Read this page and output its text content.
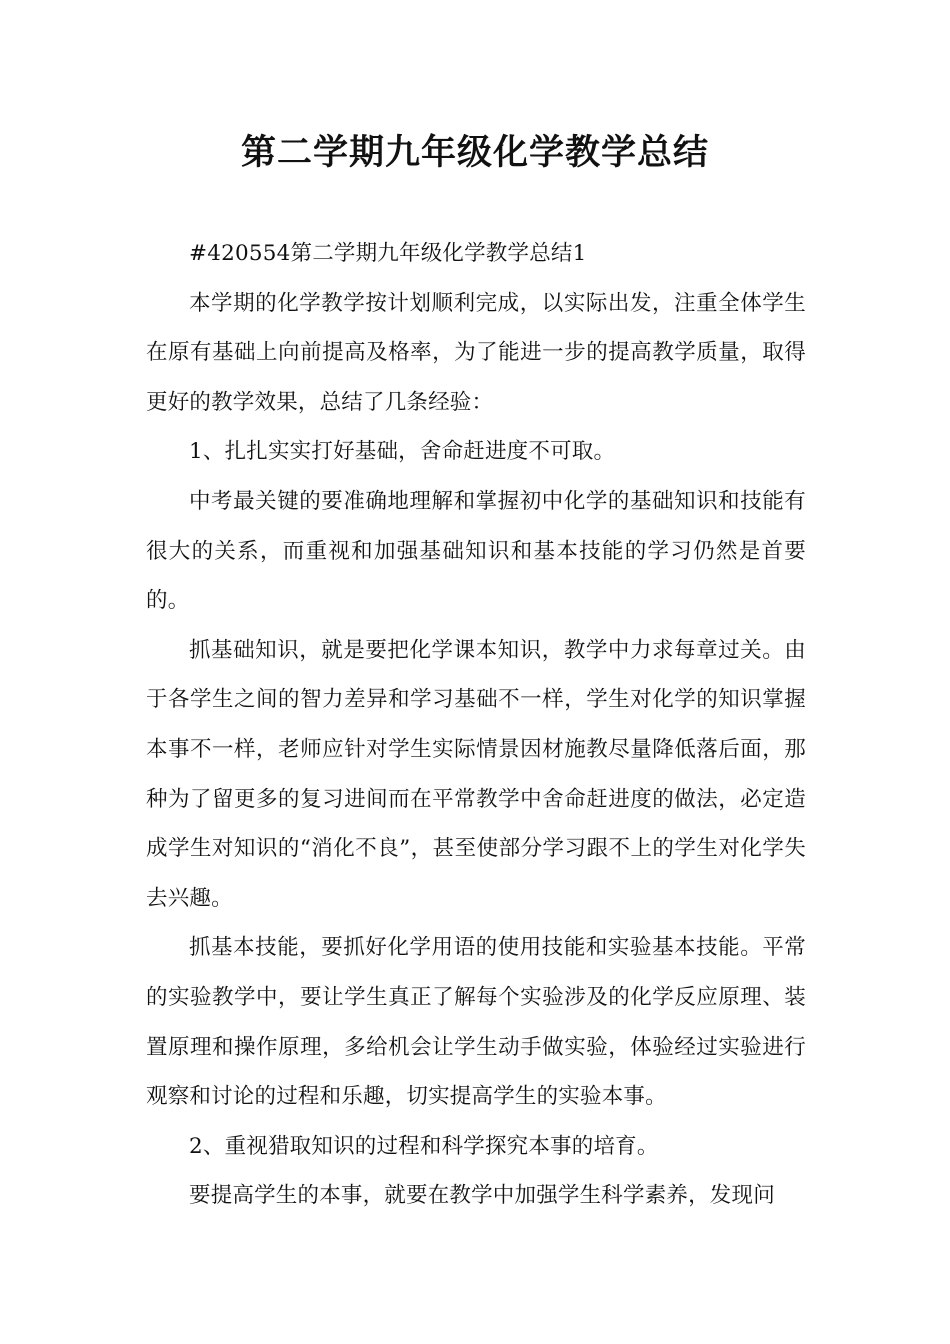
第二学期九年级化学教学总结

#420554第二学期九年级化学教学总结1

本学期的化学教学按计划顺利完成，以实际出发，注重全体学生在原有基础上向前提高及格率，为了能进一步的提高教学质量，取得更好的教学效果，总结了几条经验：

1、扎扎实实打好基础，舍命赶进度不可取。

中考最关键的要准确地理解和掌握初中化学的基础知识和技能有很大的关系，而重视和加强基础知识和基本技能的学习仍然是首要的。

抓基础知识，就是要把化学课本知识，教学中力求每章过关。由于各学生之间的智力差异和学习基础不一样，学生对化学的知识掌握本事不一样，老师应针对学生实际情景因材施教尽量降低落后面，那种为了留更多的复习进间而在平常教学中舍命赶进度的做法，必定造成学生对知识的“消化不良”，甚至使部分学习跟不上的学生对化学失去兴趣。

抓基本技能，要抓好化学用语的使用技能和实验基本技能。平常的实验教学中，要让学生真正了解每个实验涉及的化学反应原理、装置原理和操作原理，多给机会让学生动手做实验，体验经过实验进行观察和讨论的过程和乐趣，切实提高学生的实验本事。

2、重视猎取知识的过程和科学探究本事的培育。

要提高学生的本事，就要在教学中加强学生科学素养，发现问
